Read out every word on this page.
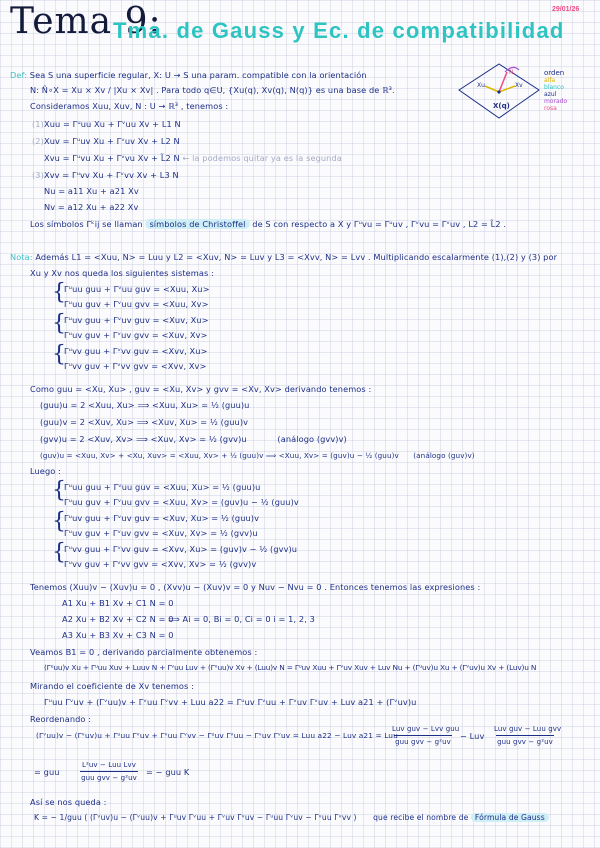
Tema 9:
Tma. de Gauss y Ec. de compatibilidad
29/01/26
N
Xu	Xv
X(q)
orden
alfa
blanco
azul
morado
rosa
Def: Sea S una superficie regular, X: U → S una param. compatible con la orientación
N: Ñ∘X = Xu × Xv / |Xu × Xv| . Para todo q∈U, {Xu(q), Xv(q), N(q)} es una base de ℝ³.
Consideramos Xuu, Xuv, N : U → ℝ³ , tenemos :
(1) Xuu = Γᵘuu Xu + Γᵛuu Xv + L1 N
(2) Xuv = Γᵘuv Xu + Γᵛuv Xv + L2 N
Xvu = Γᵘvu Xu + Γᵛvu Xv + L̃2 N ← la podemos quitar ya es la segunda
(3) Xvv = Γᵘvv Xu + Γᵛvv Xv + L3 N
Nu = a11 Xu + a21 Xv
Nv = a12 Xu + a22 Xv
Los símbolos Γᵏij se llaman símbolos de Christoffel de S con respecto a X y Γᵘvu = Γᵘuv , Γᵛvu = Γᵛuv , L2 = L̃2 .
Nota: Además L1 = <Xuu, N> = Luu y L2 = <Xuv, N> = Luv y L3 = <Xvv, N> = Lvv . Multiplicando escalarmente (1),(2) y (3) por
Xu y Xv nos queda los siguientes sistemas :
{
Γᵘuu guu + Γᵛuu guv = <Xuu, Xu>
Γᵘuu guv + Γᵛuu gvv = <Xuu, Xv>
{
Γᵘuv guu + Γᵛuv guv = <Xuv, Xu>
Γᵘuv guv + Γᵛuv gvv = <Xuv, Xv>
{
Γᵘvv guu + Γᵛvv guv = <Xvv, Xu>
Γᵘvv guv + Γᵛvv gvv = <Xvv, Xv>
Como guu = <Xu, Xu> , guv = <Xu, Xv> y gvv = <Xv, Xv> derivando tenemos :
(guu)u = 2 <Xuu, Xu> ⟹ <Xuu, Xu> = ½ (guu)u
(guu)v = 2 <Xuv, Xu> ⟹ <Xuv, Xu> = ½ (guu)v
(gvv)u = 2 <Xuv, Xv> ⟹ <Xuv, Xv> = ½ (gvv)u	(análogo (gvv)v)
(guv)u = <Xuu, Xv> + <Xu, Xuv> = <Xuu, Xv> + ½ (guu)v ⟹ <Xuu, Xv> = (guv)u − ½ (guu)v (análogo (guv)v)
Luego :
{
Γᵘuu guu + Γᵛuu guv = <Xuu, Xu> = ½ (guu)u
Γᵘuu guv + Γᵛuu gvv = <Xuu, Xv> = (guv)u − ½ (guu)v
{
Γᵘuv guu + Γᵛuv guv = <Xuv, Xu> = ½ (guu)v
Γᵘuv guv + Γᵛuv gvv = <Xuv, Xv> = ½ (gvv)u
{
Γᵘvv guu + Γᵛvv guv = <Xvv, Xu> = (guv)v − ½ (gvv)u
Γᵘvv guv + Γᵛvv gvv = <Xvv, Xv> = ½ (gvv)v
Tenemos (Xuu)v − (Xuv)u = 0 , (Xvv)u − (Xuv)v = 0 y Nuv − Nvu = 0 . Entonces tenemos las expresiones :
A1 Xu + B1 Xv + C1 N = 0
A2 Xu + B2 Xv + C2 N = 0
A3 Xu + B3 Xv + C3 N = 0
⟹ Ai = 0, Bi = 0, Ci = 0 i = 1, 2, 3
Veamos B1 = 0 , derivando parcialmente obtenemos :
(Γᵘuu)v Xu + Γᵘuu Xuv + Luuv N + Γᵛuu Luv + (Γᵛuu)v Xv + (Luu)v N = Γᵘuv Xuu + Γᵛuv Xuv + Luv Nu + (Γᵘuv)u Xu + (Γᵛuv)u Xv + (Luv)u N
Mirando el coeficiente de Xv tenemos :
Γᵘuu Γᵛuv + (Γᵛuu)v + Γᵛuu Γᵛvv + Luu a22 = Γᵘuv Γᵛuu + Γᵛuv Γᵛuv + Luv a21 + (Γᵛuv)u
Reordenando :
(Γᵛuu)v − (Γᵛuv)u + Γᵘuu Γᵛuv + Γᵛuu Γᵛvv − Γᵘuv Γᵛuu − Γᵛuv Γᵛuv = Luu a22 − Luv a21 = Luu
Luv guv − Lvv guu
guu gvv − g²uv
− Luv
Luv guv − Luu gvv
guu gvv − g²uv
= guu
L²uv − Luu Lvv
guu gvv − g²uv
= − guu K
Así se nos queda :
K = − 1/guu ( (Γᵛuv)u − (Γᵛuu)v + Γᵘuv Γᵛuu + Γᵛuv Γᵛuv − Γᵘuu Γᵛuv − Γᵛuu Γᵛvv ) que recibe el nombre de Fórmula de Gauss
